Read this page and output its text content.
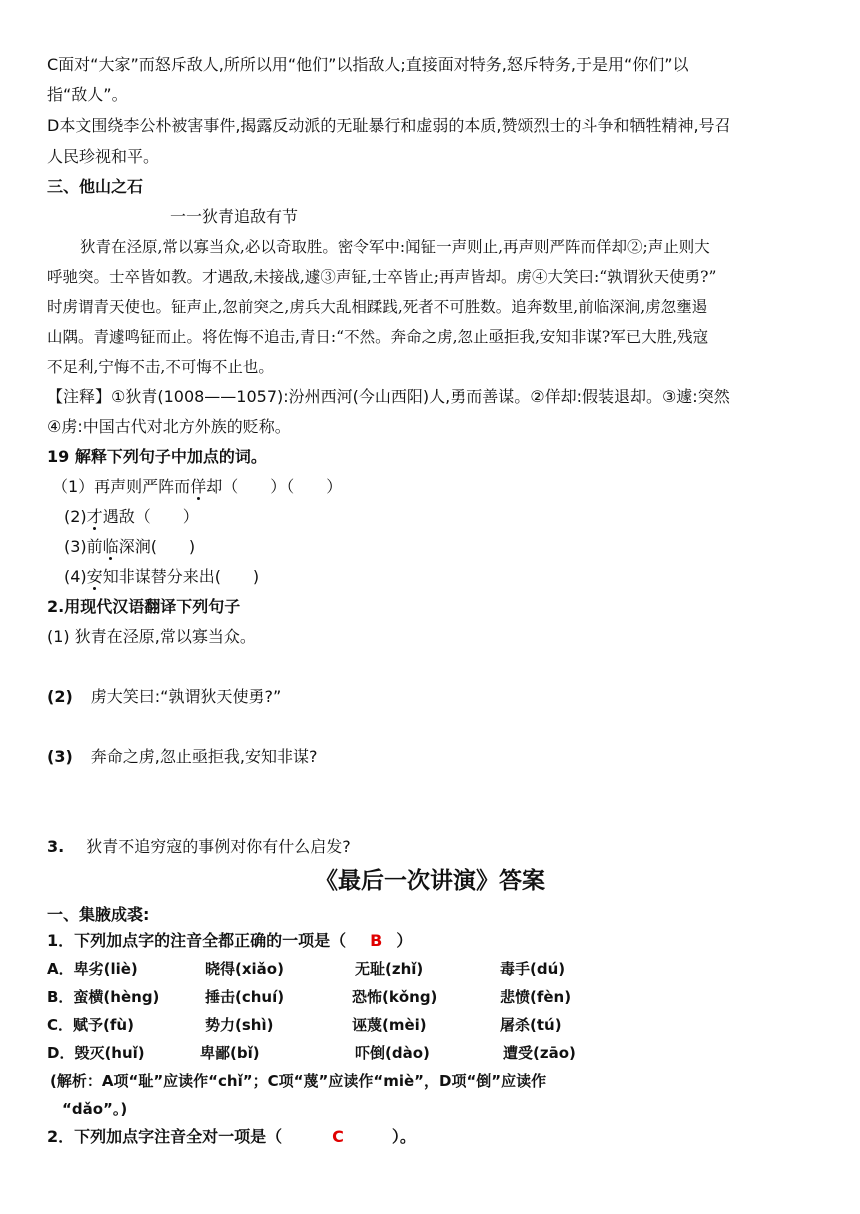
C面对“大家”而怒斥敌人,所所以用“他们”以指敌人;直接面对特务,怒斥特务,于是用“你们”以
指“敌人”。
D本文围绕李公朴被害事件,揭露反动派的无耻暴行和虚弱的本质,赞颂烈士的斗争和牺牲精神,号召
人民珍视和平。
三、他山之石
一一狄青追敌有节
狄青在泾原,常以寡当众,必以奇取胜。密令军中:闻钲一声则止,再声则严阵而佯却②;声止则大
呼驰突。士卒皆如教。才遇敌,未接战,遽③声钲,士卒皆止;再声皆却。虏④大笑曰:“孰谓狄天使勇?”
时虏谓青天使也。钲声止,忽前突之,虏兵大乱相蹂践,死者不可胜数。追奔数里,前临深涧,虏忽壅遏
山隅。青遽鸣钲而止。将佐悔不追击,青日:“不然。奔命之虏,忽止亟拒我,安知非谋?军已大胜,残寇
不足利,宁悔不击,不可悔不止也。
【注释】①狄青(1008——1057):汾州西河(今山西阳)人,勇而善谋。②佯却:假装退却。③遽:突然
④虏:中国古代对北方外族的贬称。
19 解释下列句子中加点的词。
（1）再声则严阵而佯却（　　）（　　）
(2)才遇敌（　　）
(3)前临深涧(　　)
(4)安知非谋替分来出(　　)
2.用现代汉语翻译下列句子
(1) 狄青在泾原,常以寡当众。
(2) 虏大笑曰:“孰谓狄天使勇?”
(3) 奔命之虏,忽止亟拒我,安知非谋?
3. 狄青不追穷寇的事例对你有什么启发?
《最后一次讲演》答案
一、集腋成裘:
1．下列加点字的注音全都正确的一项是（ B ）
A．卑劣(liè)	晓得(xiǎo)	无耻(zhǐ)	毒手(dú)
B．蛮横(hèng)	捶击(chuí)	恐怖(kǒng)	悲愤(fèn)
C．赋予(fù)	势力(shì)	诬蔑(mèi)	屠杀(tú)
D．毁灭(huǐ)	卑鄙(bǐ)	吓倒(dào)	遭受(zāo)
(解析：A项“耻”应读作“chǐ”；C项“蔑”应读作“miè”，D项“倒”应读作
“dǎo”。)
2．下列加点字注音全对一项是（	C	）。
